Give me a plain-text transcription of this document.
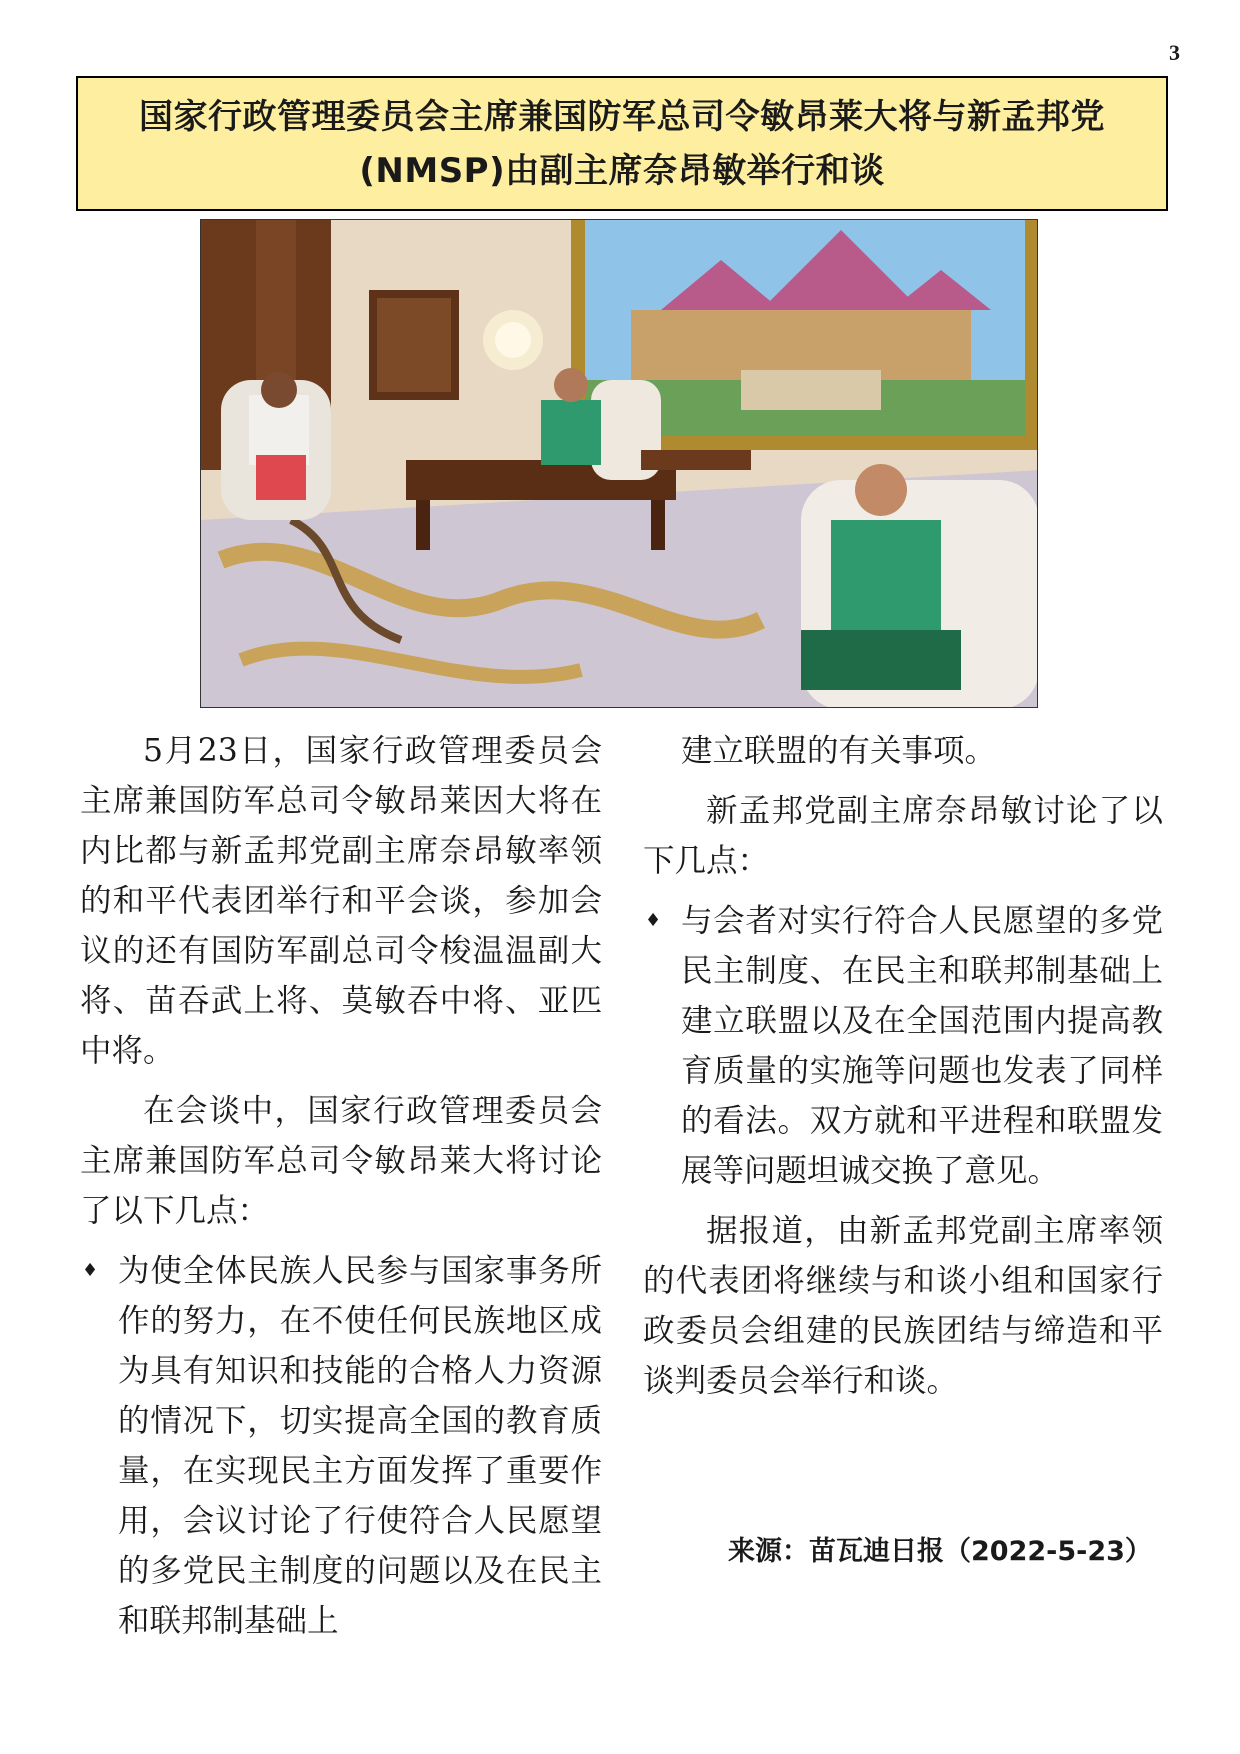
3
国家行政管理委员会主席兼国防军总司令敏昂莱大将与新孟邦党
(NMSP)由副主席奈昂敏举行和谈

5月23日，国家行政管理委员会主席兼国防军总司令敏昂莱因大将在内比都与新孟邦党副主席奈昂敏率领的和平代表团举行和平会谈，参加会议的还有国防军副总司令梭温温副大将、苗吞武上将、莫敏吞中将、亚匹中将。

在会谈中，国家行政管理委员会主席兼国防军总司令敏昂莱大将讨论了以下几点：

♦ 为使全体民族人民参与国家事务所作的努力，在不使任何民族地区成为具有知识和技能的合格人力资源的情况下，切实提高全国的教育质量，在实现民主方面发挥了重要作用，会议讨论了行使符合人民愿望的多党民主制度的问题以及在民主和联邦制基础上
建立联盟的有关事项。

新孟邦党副主席奈昂敏讨论了以下几点：

♦ 与会者对实行符合人民愿望的多党民主制度、在民主和联邦制基础上建立联盟以及在全国范围内提高教育质量的实施等问题也发表了同样的看法。双方就和平进程和联盟发展等问题坦诚交换了意见。

据报道，由新孟邦党副主席率领的代表团将继续与和谈小组和国家行政委员会组建的民族团结与缔造和平谈判委员会举行和谈。

来源：苗瓦迪日报（2022-5-23）
